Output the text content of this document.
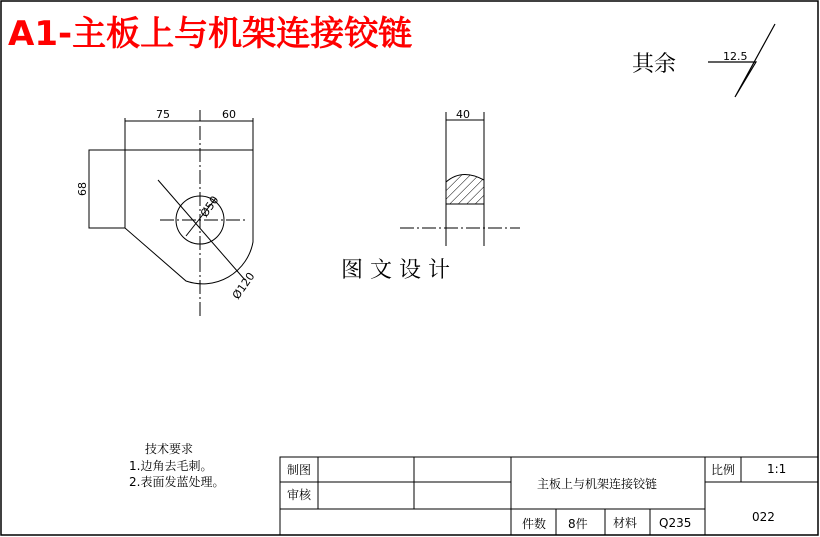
A1-主板上与机架连接铰链
其余	12.5
75	60
68
Ø50
Ø120
40
图 文 设 计
技术要求
1.边角去毛刺。
2.表面发蓝处理。
制图
审核
主板上与机架连接铰链
比例	1:1
件数 8件 材料 Q235	022
